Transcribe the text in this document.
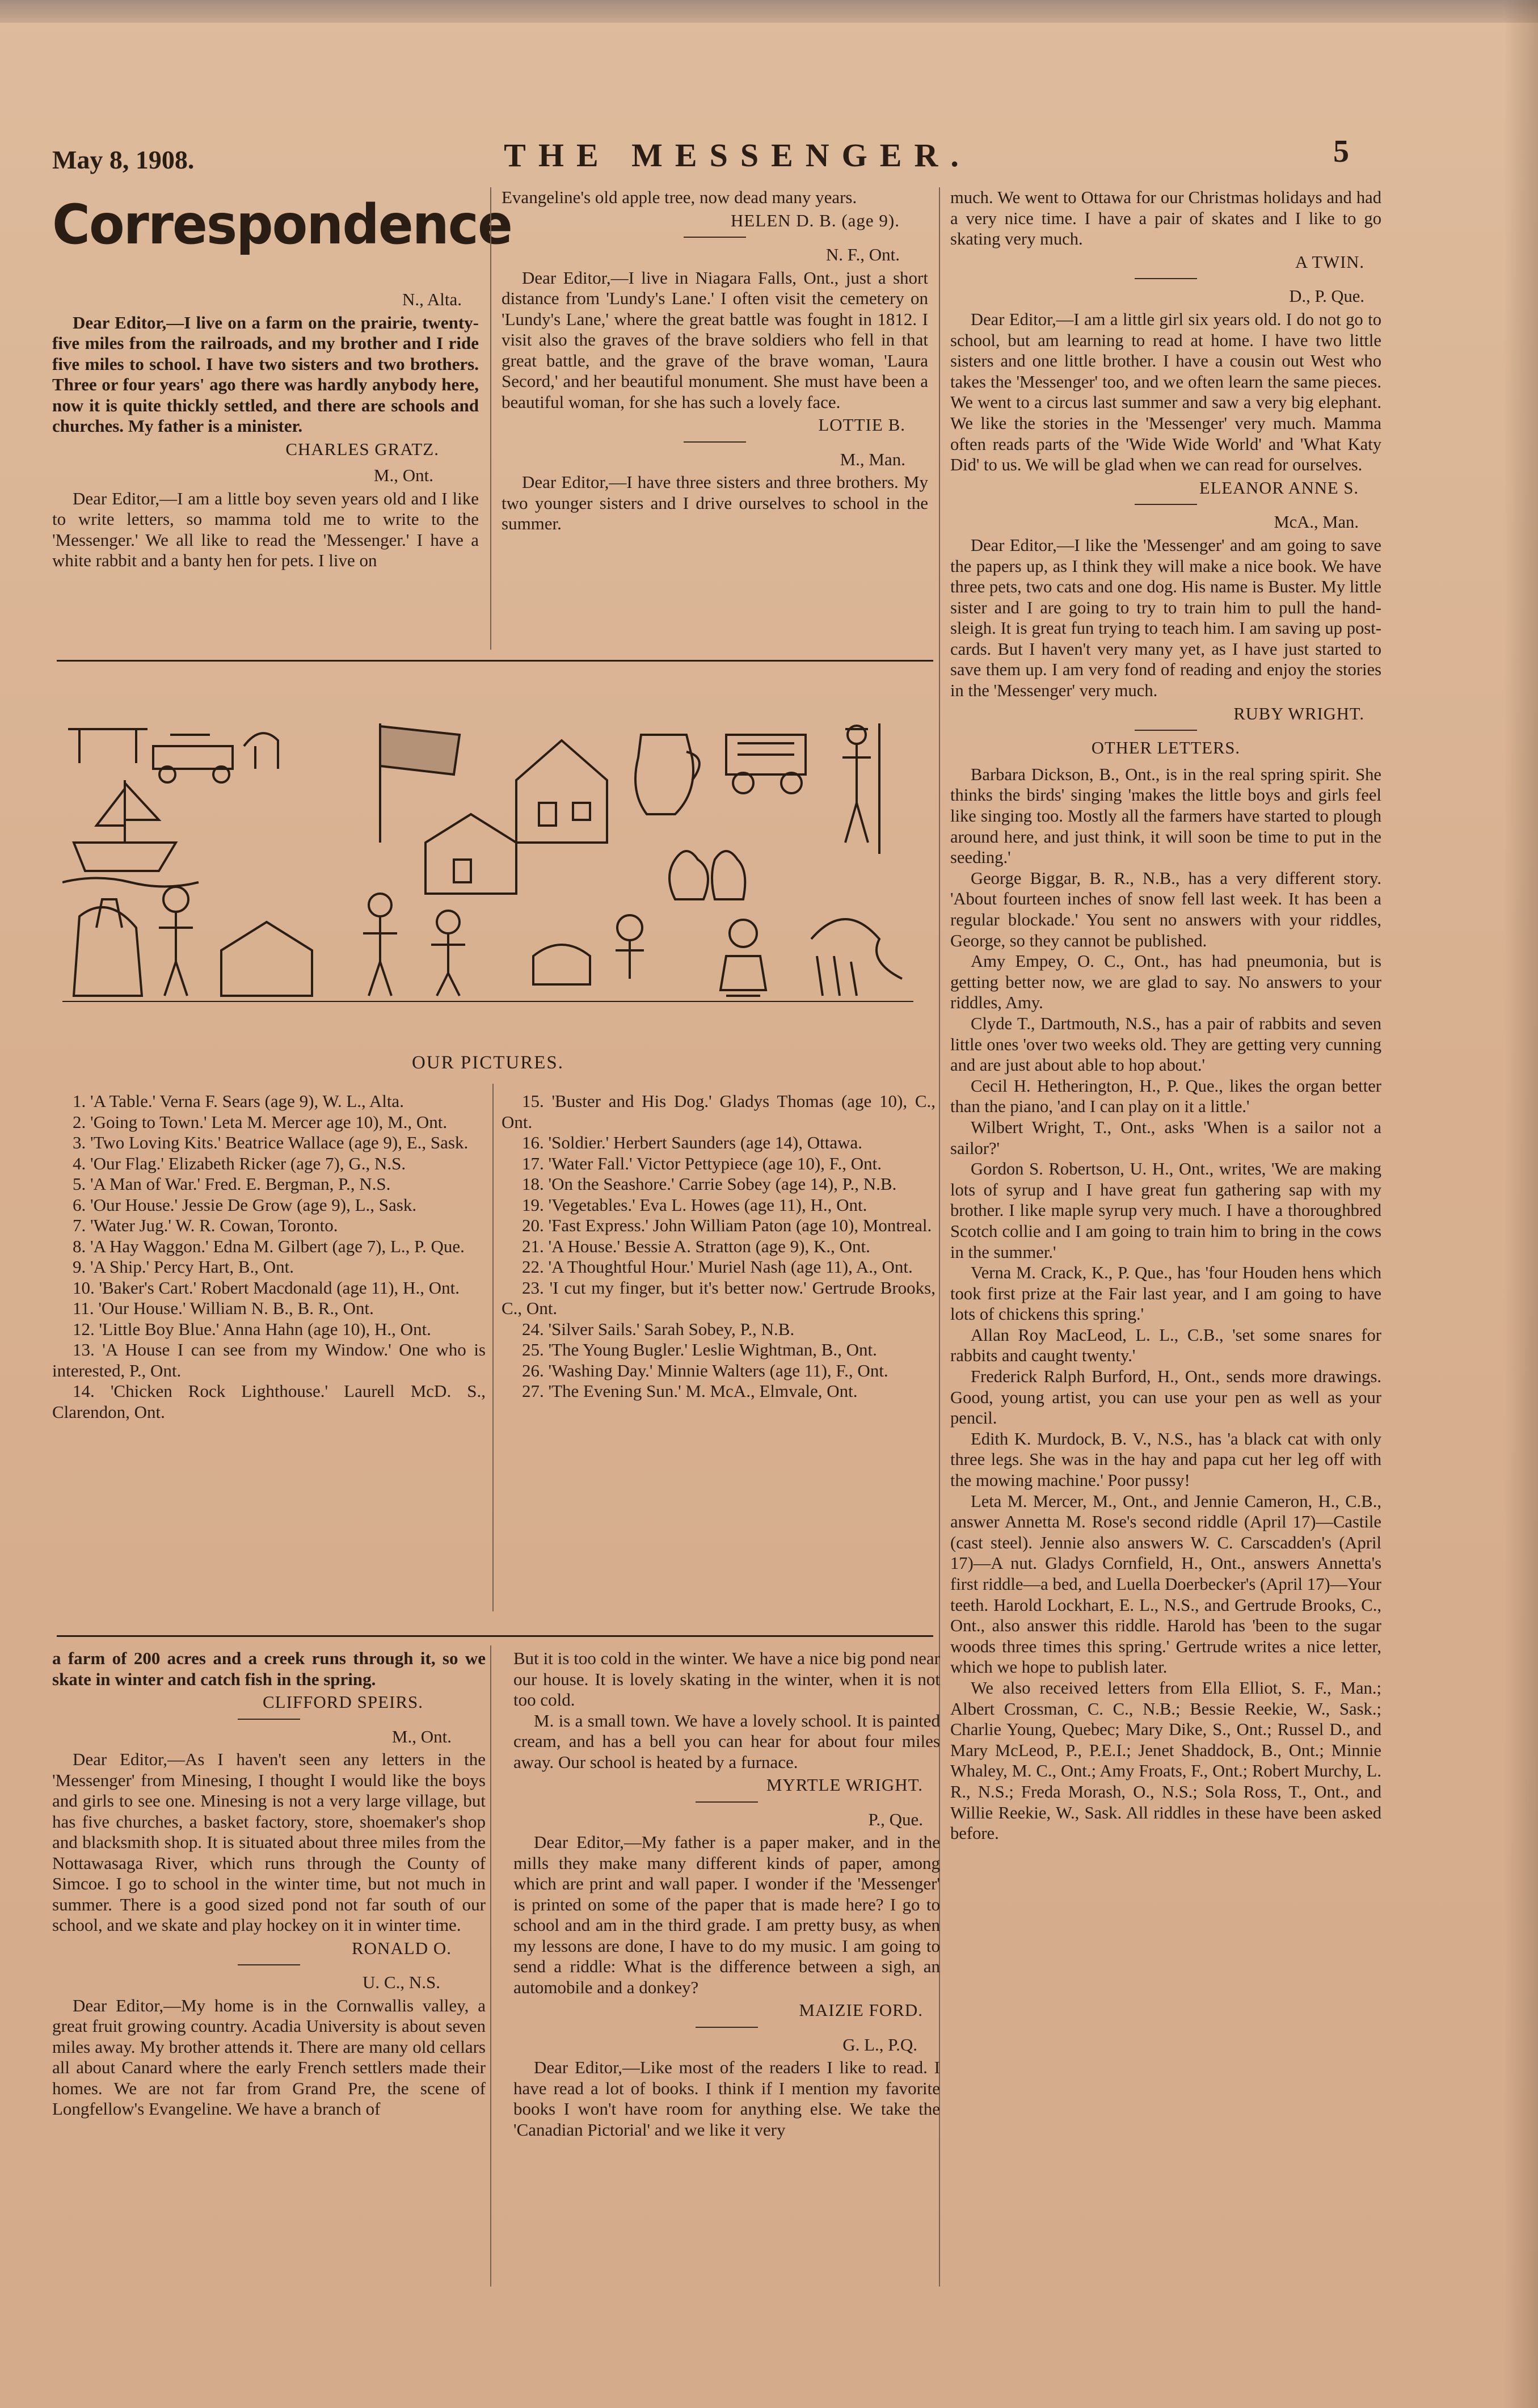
May 8, 1908.	THE MESSENGER.	5
Correspondence

N., Alta.

Dear Editor,—I live on a farm on the prairie, twenty-five miles from the railroads, and my brother and I ride five miles to school. I have two sisters and two brothers. Three or four years' ago there was hardly anybody here, now it is quite thickly settled, and there are schools and churches. My father is a minister.

CHARLES GRATZ.

M., Ont.

Dear Editor,—I am a little boy seven years old and I like to write letters, so mamma told me to write to the 'Messenger.' We all like to read the 'Messenger.' I have a white rabbit and a banty hen for pets. I live on

Evangeline's old apple tree, now dead many years.

HELEN D. B. (age 9).

N. F., Ont.

Dear Editor,—I live in Niagara Falls, Ont., just a short distance from 'Lundy's Lane.' I often visit the cemetery on 'Lundy's Lane,' where the great battle was fought in 1812. I visit also the graves of the brave soldiers who fell in that great battle, and the grave of the brave woman, 'Laura Secord,' and her beautiful monument. She must have been a beautiful woman, for she has such a lovely face.

LOTTIE B.

M., Man.

Dear Editor,—I have three sisters and three brothers. My two younger sisters and I drive ourselves to school in the summer.

much. We went to Ottawa for our Christmas holidays and had a very nice time. I have a pair of skates and I like to go skating very much.

A TWIN.

D., P. Que.

Dear Editor,—I am a little girl six years old. I do not go to school, but am learning to read at home. I have two little sisters and one little brother. I have a cousin out West who takes the 'Messenger' too, and we often learn the same pieces. We went to a circus last summer and saw a very big elephant. We like the stories in the 'Messenger' very much. Mamma often reads parts of the 'Wide Wide World' and 'What Katy Did' to us. We will be glad when we can read for ourselves.

ELEANOR ANNE S.

McA., Man.

Dear Editor,—I like the 'Messenger' and am going to save the papers up, as I think they will make a nice book. We have three pets, two cats and one dog. His name is Buster. My little sister and I are going to try to train him to pull the hand-sleigh. It is great fun trying to teach him. I am saving up post-cards. But I haven't very many yet, as I have just started to save them up. I am very fond of reading and enjoy the stories in the 'Messenger' very much.

RUBY WRIGHT.

OTHER LETTERS.

Barbara Dickson, B., Ont., is in the real spring spirit. She thinks the birds' singing 'makes the little boys and girls feel like singing too. Mostly all the farmers have started to plough around here, and just think, it will soon be time to put in the seeding.'

George Biggar, B. R., N.B., has a very different story. 'About fourteen inches of snow fell last week. It has been a regular blockade.' You sent no answers with your riddles, George, so they cannot be published.

Amy Empey, O. C., Ont., has had pneumonia, but is getting better now, we are glad to say. No answers to your riddles, Amy.

Clyde T., Dartmouth, N.S., has a pair of rabbits and seven little ones 'over two weeks old. They are getting very cunning and are just about able to hop about.'

Cecil H. Hetherington, H., P. Que., likes the organ better than the piano, 'and I can play on it a little.'

Wilbert Wright, T., Ont., asks 'When is a sailor not a sailor?'

Gordon S. Robertson, U. H., Ont., writes, 'We are making lots of syrup and I have great fun gathering sap with my brother. I like maple syrup very much. I have a thoroughbred Scotch collie and I am going to train him to bring in the cows in the summer.'

Verna M. Crack, K., P. Que., has 'four Houden hens which took first prize at the Fair last year, and I am going to have lots of chickens this spring.'

Allan Roy MacLeod, L. L., C.B., 'set some snares for rabbits and caught twenty.'

Frederick Ralph Burford, H., Ont., sends more drawings. Good, young artist, you can use your pen as well as your pencil.

Edith K. Murdock, B. V., N.S., has 'a black cat with only three legs. She was in the hay and papa cut her leg off with the mowing machine.' Poor pussy!

Leta M. Mercer, M., Ont., and Jennie Cameron, H., C.B., answer Annetta M. Rose's second riddle (April 17)—Castile (cast steel). Jennie also answers W. C. Carscadden's (April 17)—A nut. Gladys Cornfield, H., Ont., answers Annetta's first riddle—a bed, and Luella Doerbecker's (April 17)—Your teeth. Harold Lockhart, E. L., N.S., and Gertrude Brooks, C., Ont., also answer this riddle. Harold has 'been to the sugar woods three times this spring.' Gertrude writes a nice letter, which we hope to publish later.

We also received letters from Ella Elliot, S. F., Man.; Albert Crossman, C. C., N.B.; Bessie Reekie, W., Sask.; Charlie Young, Quebec; Mary Dike, S., Ont.; Russel D., and Mary McLeod, P., P.E.I.; Jenet Shaddock, B., Ont.; Minnie Whaley, M. C., Ont.; Amy Froats, F., Ont.; Robert Murchy, L. R., N.S.; Freda Morash, O., N.S.; Sola Ross, T., Ont., and Willie Reekie, W., Sask. All riddles in these have been asked before.

OUR PICTURES.

1. 'A Table.' Verna F. Sears (age 9), W. L., Alta.

2. 'Going to Town.' Leta M. Mercer age 10), M., Ont.

3. 'Two Loving Kits.' Beatrice Wallace (age 9), E., Sask.

4. 'Our Flag.' Elizabeth Ricker (age 7), G., N.S.

5. 'A Man of War.' Fred. E. Bergman, P., N.S.

6. 'Our House.' Jessie De Grow (age 9), L., Sask.

7. 'Water Jug.' W. R. Cowan, Toronto.

8. 'A Hay Waggon.' Edna M. Gilbert (age 7), L., P. Que.

9. 'A Ship.' Percy Hart, B., Ont.

10. 'Baker's Cart.' Robert Macdonald (age 11), H., Ont.

11. 'Our House.' William N. B., B. R., Ont.

12. 'Little Boy Blue.' Anna Hahn (age 10), H., Ont.

13. 'A House I can see from my Window.' One who is interested, P., Ont.

14. 'Chicken Rock Lighthouse.' Laurell McD. S., Clarendon, Ont.

15. 'Buster and His Dog.' Gladys Thomas (age 10), C., Ont.

16. 'Soldier.' Herbert Saunders (age 14), Ottawa.

17. 'Water Fall.' Victor Pettypiece (age 10), F., Ont.

18. 'On the Seashore.' Carrie Sobey (age 14), P., N.B.

19. 'Vegetables.' Eva L. Howes (age 11), H., Ont.

20. 'Fast Express.' John William Paton (age 10), Montreal.

21. 'A House.' Bessie A. Stratton (age 9), K., Ont.

22. 'A Thoughtful Hour.' Muriel Nash (age 11), A., Ont.

23. 'I cut my finger, but it's better now.' Gertrude Brooks, C., Ont.

24. 'Silver Sails.' Sarah Sobey, P., N.B.

25. 'The Young Bugler.' Leslie Wightman, B., Ont.

26. 'Washing Day.' Minnie Walters (age 11), F., Ont.

27. 'The Evening Sun.' M. McA., Elmvale, Ont.

a farm of 200 acres and a creek runs through it, so we skate in winter and catch fish in the spring.

CLIFFORD SPEIRS.

M., Ont.

Dear Editor,—As I haven't seen any letters in the 'Messenger' from Minesing, I thought I would like the boys and girls to see one. Minesing is not a very large village, but has five churches, a basket factory, store, shoemaker's shop and blacksmith shop. It is situated about three miles from the Nottawasaga River, which runs through the County of Simcoe. I go to school in the winter time, but not much in summer. There is a good sized pond not far south of our school, and we skate and play hockey on it in winter time.

RONALD O.

U. C., N.S.

Dear Editor,—My home is in the Cornwallis valley, a great fruit growing country. Acadia University is about seven miles away. My brother attends it. There are many old cellars all about Canard where the early French settlers made their homes. We are not far from Grand Pre, the scene of Longfellow's Evangeline. We have a branch of

But it is too cold in the winter. We have a nice big pond near our house. It is lovely skating in the winter, when it is not too cold.

M. is a small town. We have a lovely school. It is painted cream, and has a bell you can hear for about four miles away. Our school is heated by a furnace.

MYRTLE WRIGHT.

P., Que.

Dear Editor,—My father is a paper maker, and in the mills they make many different kinds of paper, among which are print and wall paper. I wonder if the 'Messenger' is printed on some of the paper that is made here? I go to school and am in the third grade. I am pretty busy, as when my lessons are done, I have to do my music. I am going to send a riddle: What is the difference between a sigh, an automobile and a donkey?

MAIZIE FORD.

G. L., P.Q.

Dear Editor,—Like most of the readers I like to read. I have read a lot of books. I think if I mention my favorite books I won't have room for anything else. We take the 'Canadian Pictorial' and we like it very
